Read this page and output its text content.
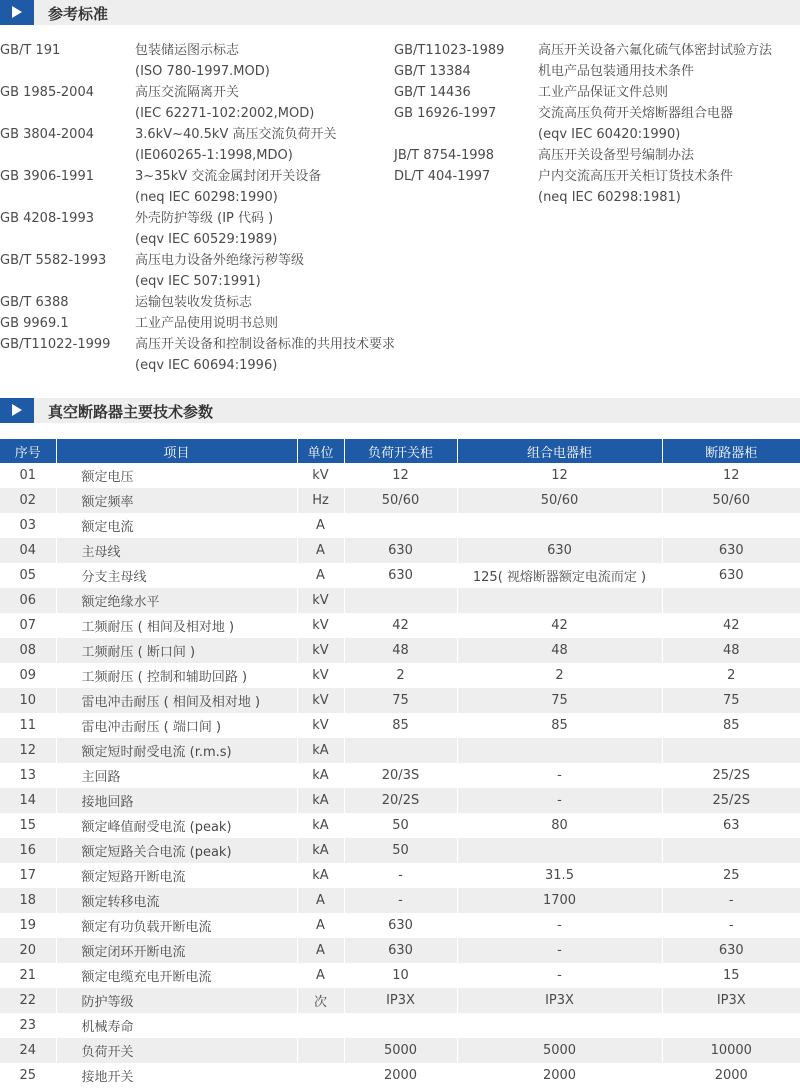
参考标准
GB/T 191	包装储运图示标志
(ISO 780-1997.MOD)
GB 1985-2004	高压交流隔离开关
(IEC 62271-102:2002,MOD)
GB 3804-2004	3.6kV~40.5kV 高压交流负荷开关
(IE060265-1:1998,MDO)
GB 3906-1991	3~35kV 交流金属封闭开关设备
(neq IEC 60298:1990)
GB 4208-1993	外壳防护等级 (IP 代码 )
(eqv IEC 60529:1989)
GB/T 5582-1993	高压电力设备外绝缘污秽等级
(eqv IEC 507:1991)
GB/T 6388	运输包装收发货标志
GB 9969.1	工业产品使用说明书总则
GB/T11022-1999	高压开关设备和控制设备标准的共用技术要求
(eqv IEC 60694:1996)
GB/T11023-1989	高压开关设备六氟化硫气体密封试验方法
GB/T 13384	机电产品包装通用技术条件
GB/T 14436	工业产品保证文件总则
GB 16926-1997	交流高压负荷开关熔断器组合电器
(eqv IEC 60420:1990)
JB/T 8754-1998	高压开关设备型号编制办法
DL/T 404-1997	户内交流高压开关柜订货技术条件
(neq IEC 60298:1981)
真空断路器主要技术参数
序号	项目	单位	负荷开关柜	组合电器柜	断路器柜
01	额定电压	kV	12	12	12
02	额定频率	Hz	50/60	50/60	50/60
03	额定电流	A			
04	主母线	A	630	630	630
05	分支主母线	A	630	125( 视熔断器额定电流而定 )	630
06	额定绝缘水平	kV			
07	工频耐压 ( 相间及相对地 )	kV	42	42	42
08	工频耐压 ( 断口间 )	kV	48	48	48
09	工频耐压 ( 控制和辅助回路 )	kV	2	2	2
10	雷电冲击耐压 ( 相间及相对地 )	kV	75	75	75
11	雷电冲击耐压 ( 端口间 )	kV	85	85	85
12	额定短时耐受电流 (r.m.s)	kA			
13	主回路	kA	20/3S	-	25/2S
14	接地回路	kA	20/2S	-	25/2S
15	额定峰值耐受电流 (peak)	kA	50	80	63
16	额定短路关合电流 (peak)	kA	50		
17	额定短路开断电流	kA	-	31.5	25
18	额定转移电流	A	-	1700	-
19	额定有功负载开断电流	A	630	-	-
20	额定闭环开断电流	A	630	-	630
21	额定电缆充电开断电流	A	10	-	15
22	防护等级	次	IP3X	IP3X	IP3X
23	机械寿命				
24	负荷开关		5000	5000	10000
25	接地开关		2000	2000	2000
